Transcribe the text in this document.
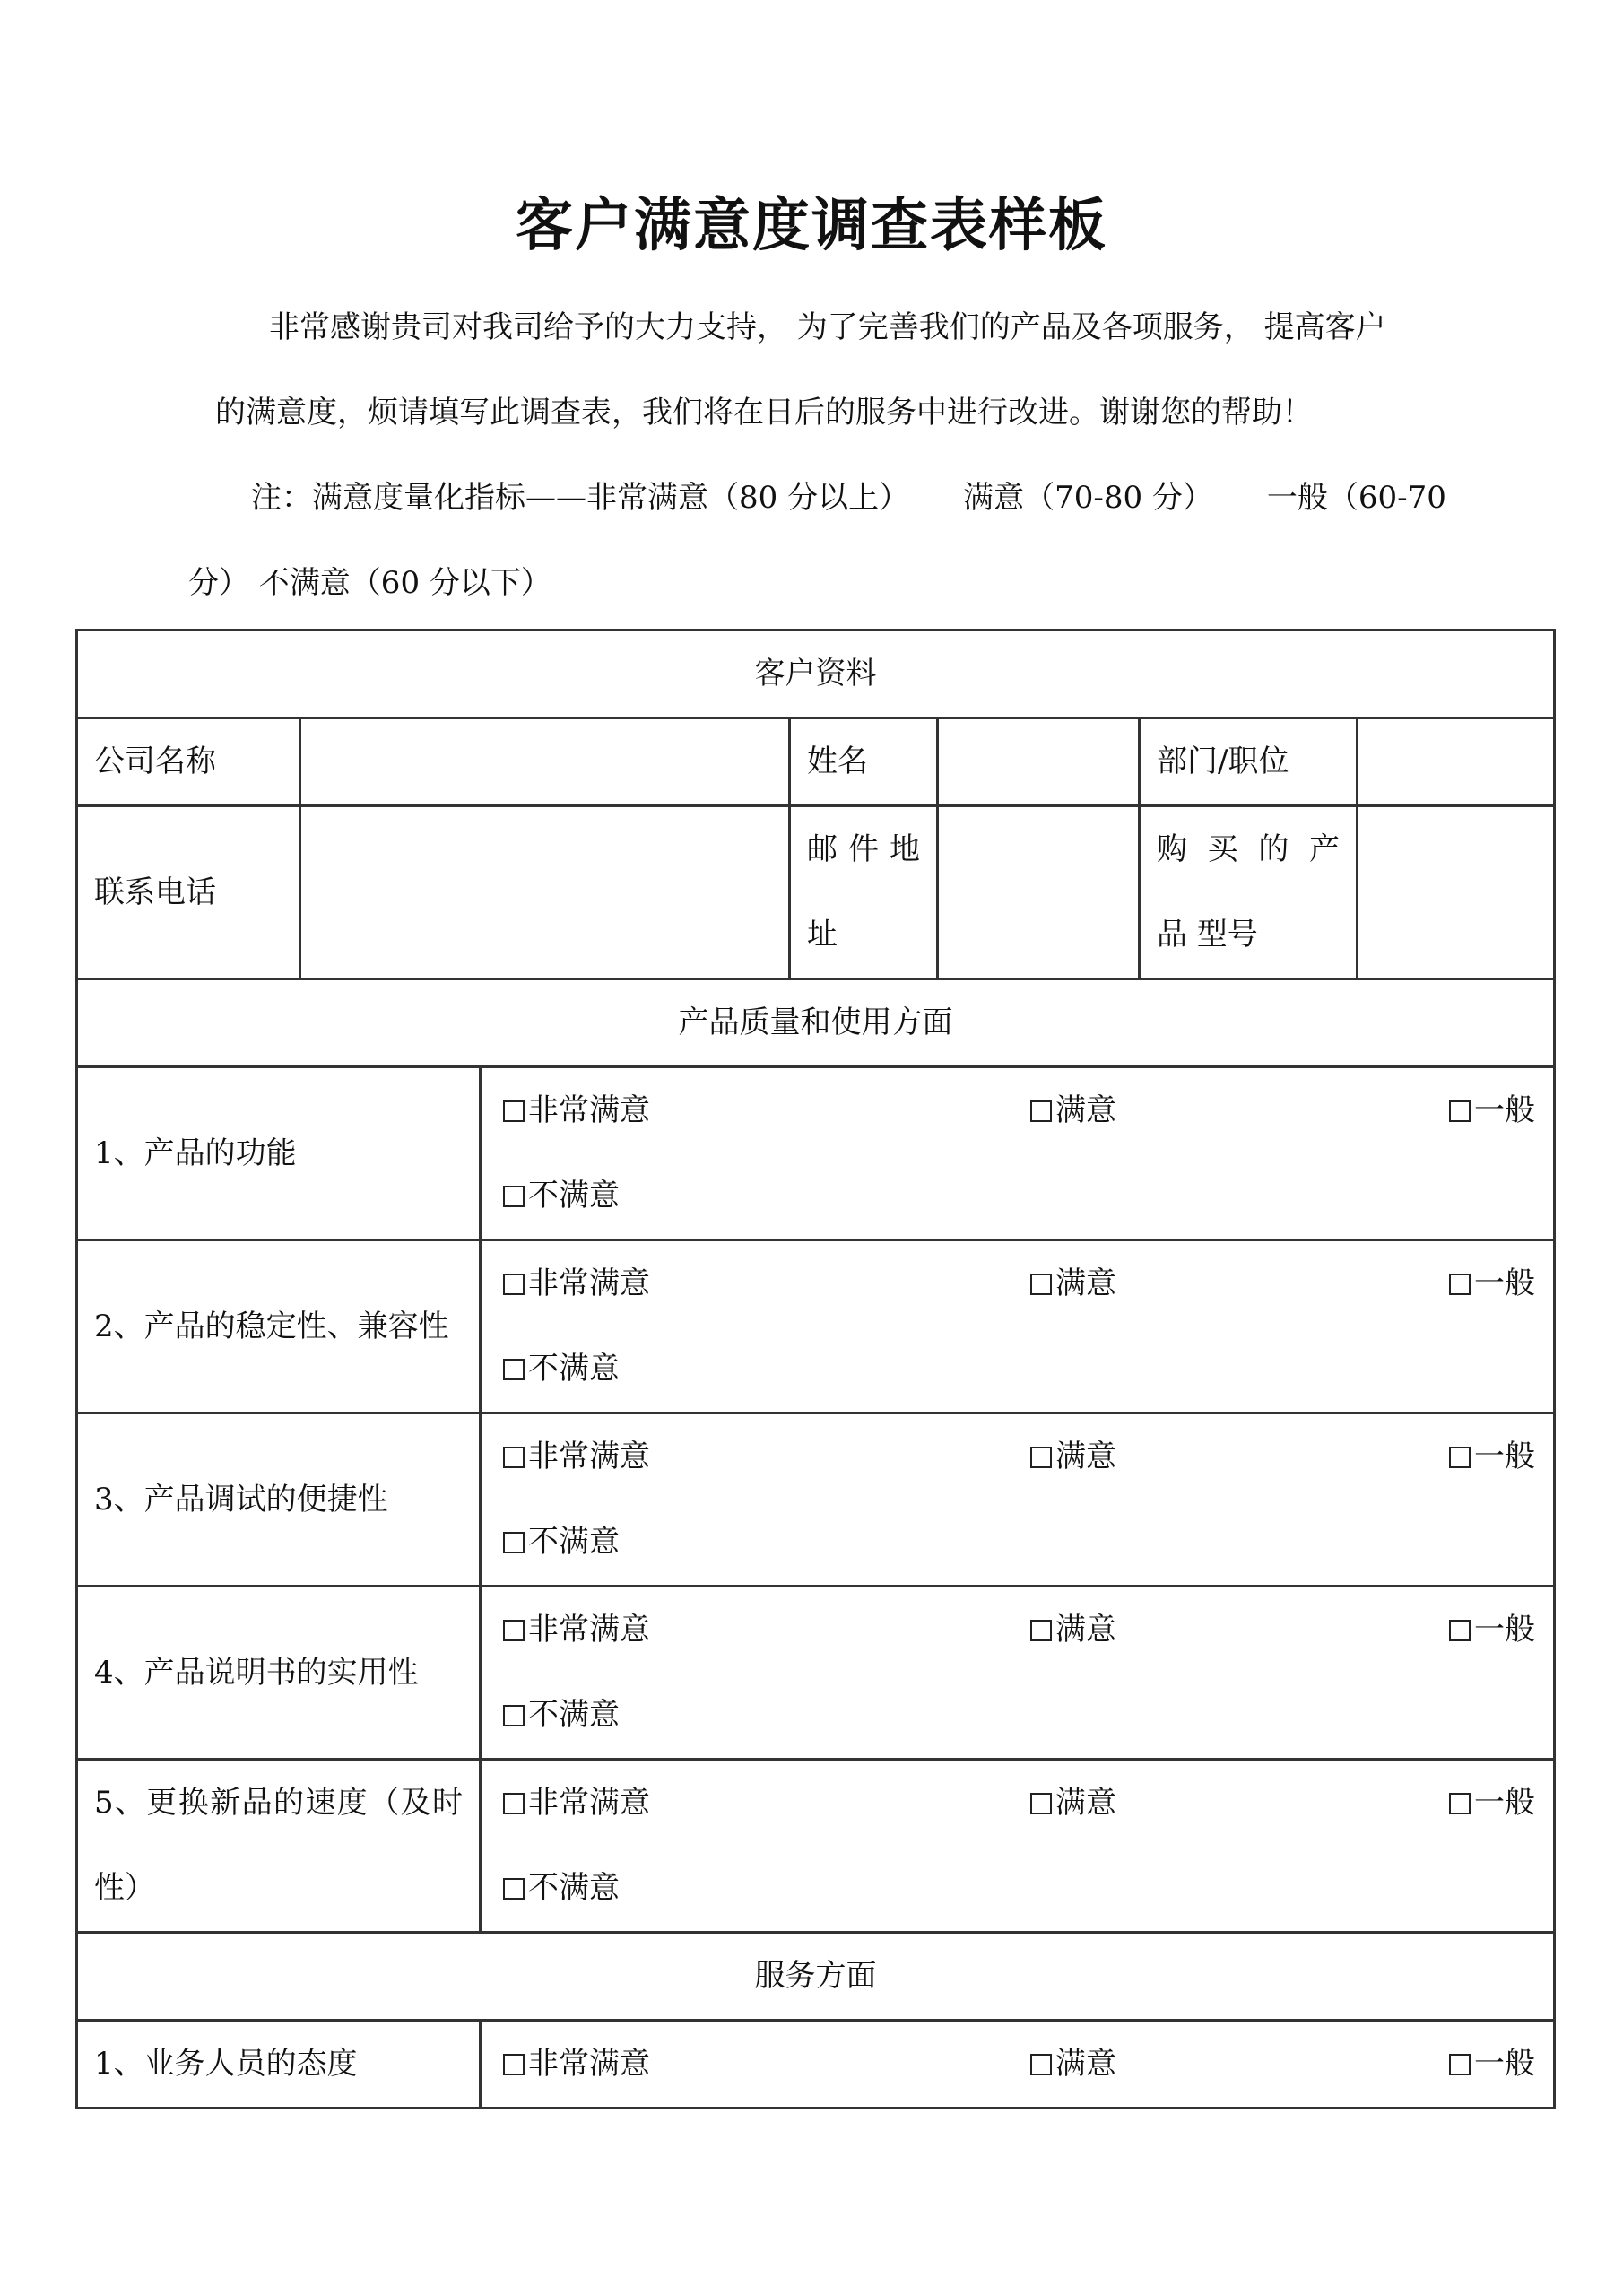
客户满意度调查表样板
非常感谢贵司对我司给予的大力支持， 为了完善我们的产品及各项服务， 提高客户
的满意度，烦请填写此调查表，我们将在日后的服务中进行改进。谢谢您的帮助！
注：满意度量化指标——非常满意（80 分以上） 满意（70-80 分） 一般（60-70
分） 不满意（60 分以下）
客户资料						
公司名称			姓名		部门/职位	
联系电话			邮 件 地 址		购 买 的 产 品 型号	
产品质量和使用方面						
1、产品的功能		非常满意 满意 一般
不满意				

2、产品的稳定性、兼容性		非常满意 满意 一般
不满意				

3、产品调试的便捷性		非常满意 满意 一般
不满意				

4、产品说明书的实用性		非常满意 满意 一般
不满意				

5、更换新品的速度（及时性）		非常满意 满意 一般
不满意				

服务方面						
1、业务人员的态度		非常满意 满意 一般				
